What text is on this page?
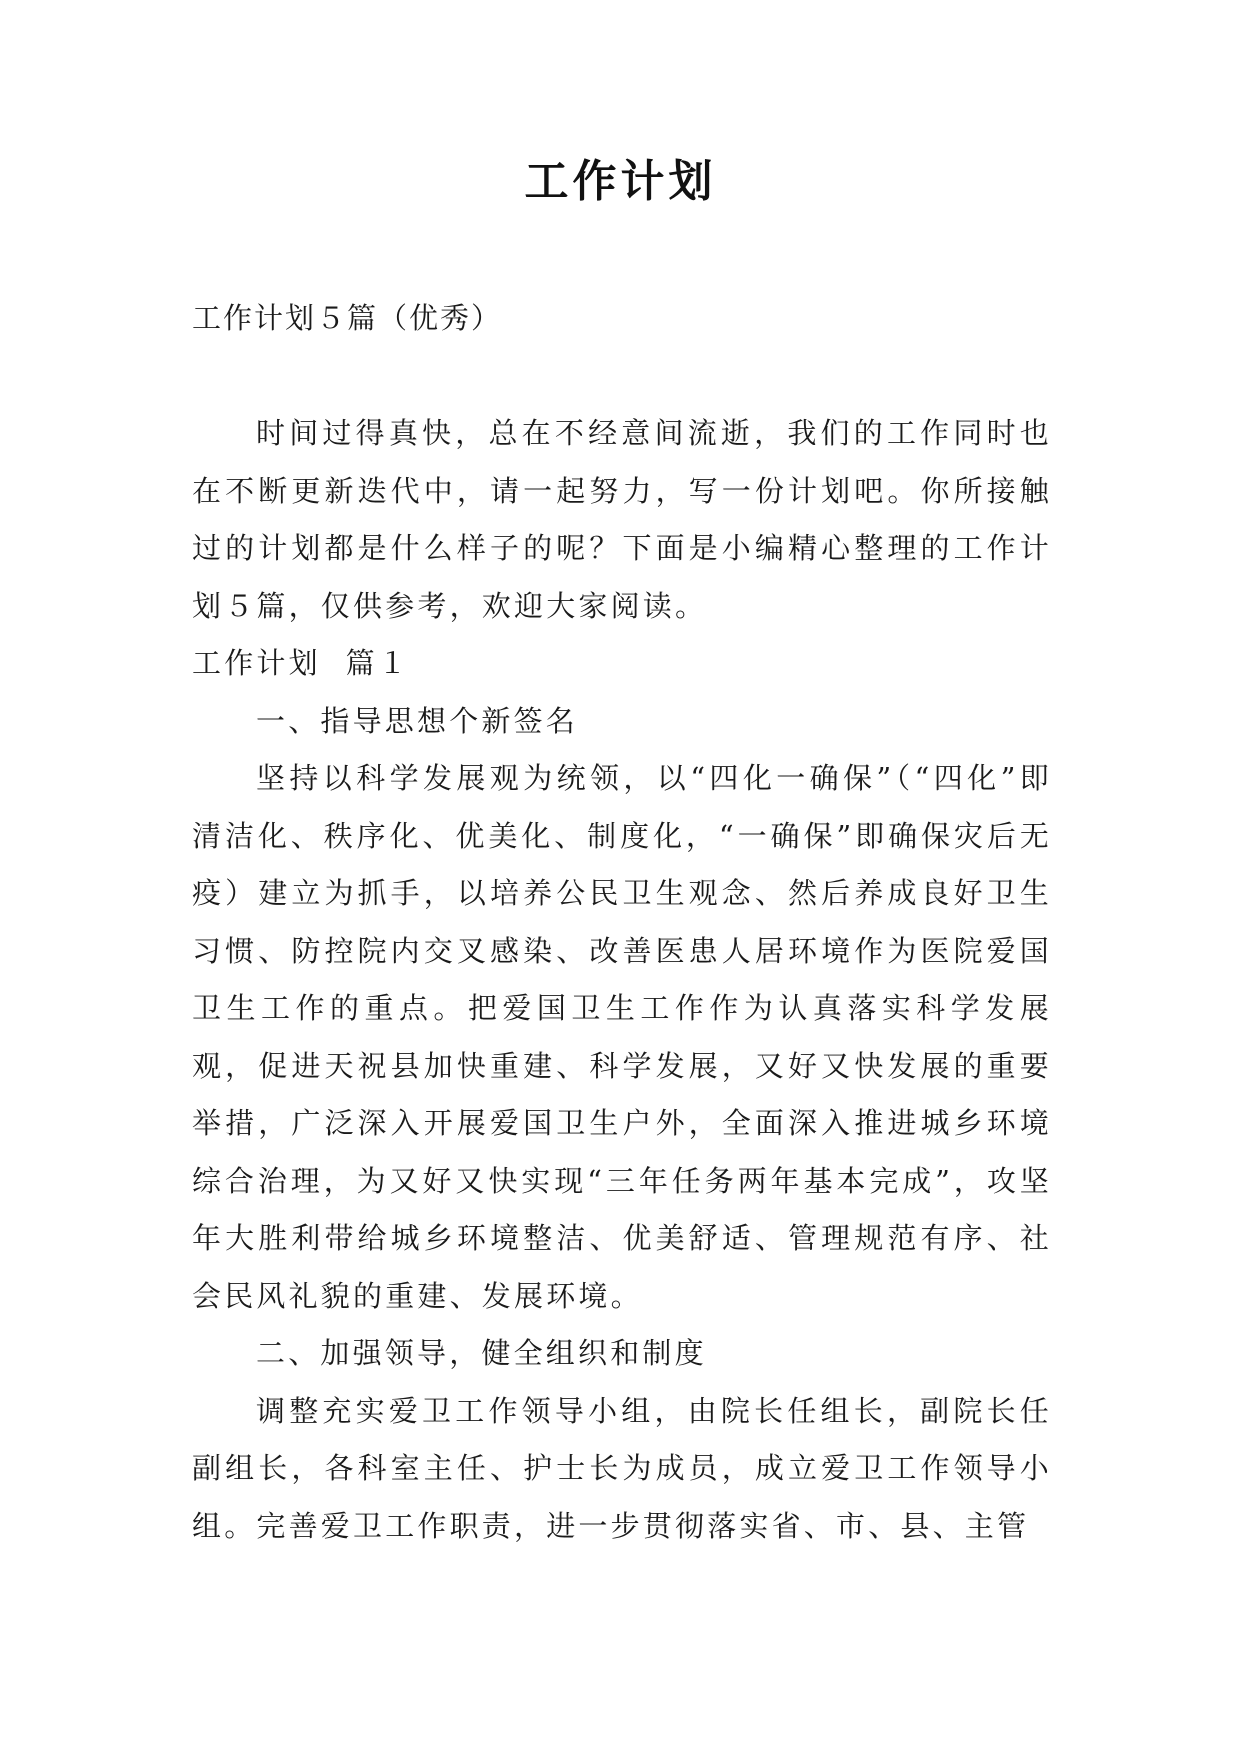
工作计划
工作计划５篇（优秀）

时间过得真快，总在不经意间流逝，我们的工作同时也在不断更新迭代中，请一起努力，写一份计划吧。你所接触过的计划都是什么样子的呢？下面是小编精心整理的工作计划５篇，仅供参考，欢迎大家阅读。

工作计划  篇１

一、指导思想个新签名

坚持以科学发展观为统领，以“四化一确保”（“四化”即清洁化、秩序化、优美化、制度化，“一确保”即确保灾后无疫）建立为抓手，以培养公民卫生观念、然后养成良好卫生习惯、防控院内交叉感染、改善医患人居环境作为医院爱国卫生工作的重点。把爱国卫生工作作为认真落实科学发展观，促进天祝县加快重建、科学发展，又好又快发展的重要举措，广泛深入开展爱国卫生户外，全面深入推进城乡环境综合治理，为又好又快实现“三年任务两年基本完成”，攻坚年大胜利带给城乡环境整洁、优美舒适、管理规范有序、社会民风礼貌的重建、发展环境。

二、加强领导，健全组织和制度

调整充实爱卫工作领导小组，由院长任组长，副院长任副组长，各科室主任、护士长为成员，成立爱卫工作领导小组。完善爱卫工作职责，进一步贯彻落实省、市、县、主管
